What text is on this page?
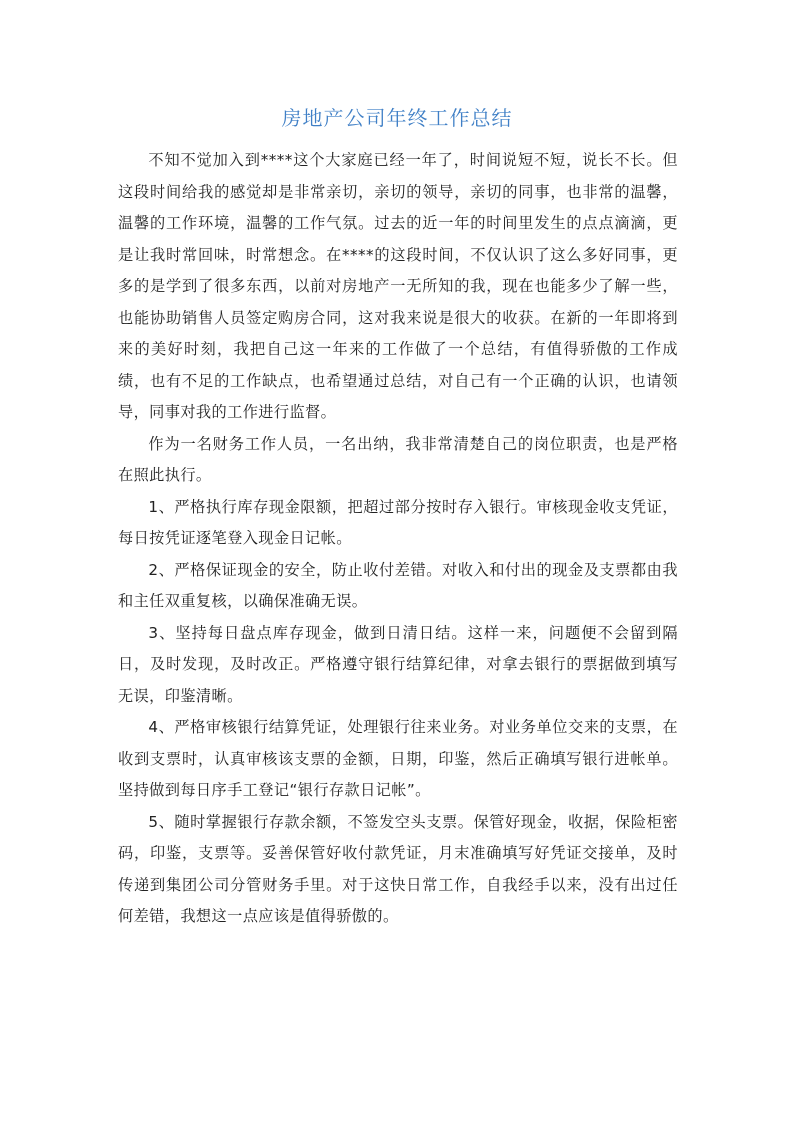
房地产公司年终工作总结

不知不觉加入到****这个大家庭已经一年了，时间说短不短，说长不长。但这段时间给我的感觉却是非常亲切，亲切的领导，亲切的同事，也非常的温馨，温馨的工作环境，温馨的工作气氛。过去的近一年的时间里发生的点点滴滴，更是让我时常回味，时常想念。在****的这段时间，不仅认识了这么多好同事，更多的是学到了很多东西，以前对房地产一无所知的我，现在也能多少了解一些，也能协助销售人员签定购房合同，这对我来说是很大的收获。在新的一年即将到来的美好时刻，我把自己这一年来的工作做了一个总结，有值得骄傲的工作成绩，也有不足的工作缺点，也希望通过总结，对自己有一个正确的认识，也请领导，同事对我的工作进行监督。

作为一名财务工作人员，一名出纳，我非常清楚自己的岗位职责，也是严格在照此执行。

1、严格执行库存现金限额，把超过部分按时存入银行。审核现金收支凭证，每日按凭证逐笔登入现金日记帐。

2、严格保证现金的安全，防止收付差错。对收入和付出的现金及支票都由我和主任双重复核，以确保准确无误。

3、坚持每日盘点库存现金，做到日清日结。这样一来，问题便不会留到隔日，及时发现，及时改正。严格遵守银行结算纪律，对拿去银行的票据做到填写无误，印鉴清晰。

4、严格审核银行结算凭证，处理银行往来业务。对业务单位交来的支票，在收到支票时，认真审核该支票的金额，日期，印鉴，然后正确填写银行进帐单。坚持做到每日序手工登记“银行存款日记帐”。

5、随时掌握银行存款余额，不签发空头支票。保管好现金，收据，保险柜密码，印鉴，支票等。妥善保管好收付款凭证，月末准确填写好凭证交接单，及时传递到集团公司分管财务手里。对于这快日常工作，自我经手以来，没有出过任何差错，我想这一点应该是值得骄傲的。
